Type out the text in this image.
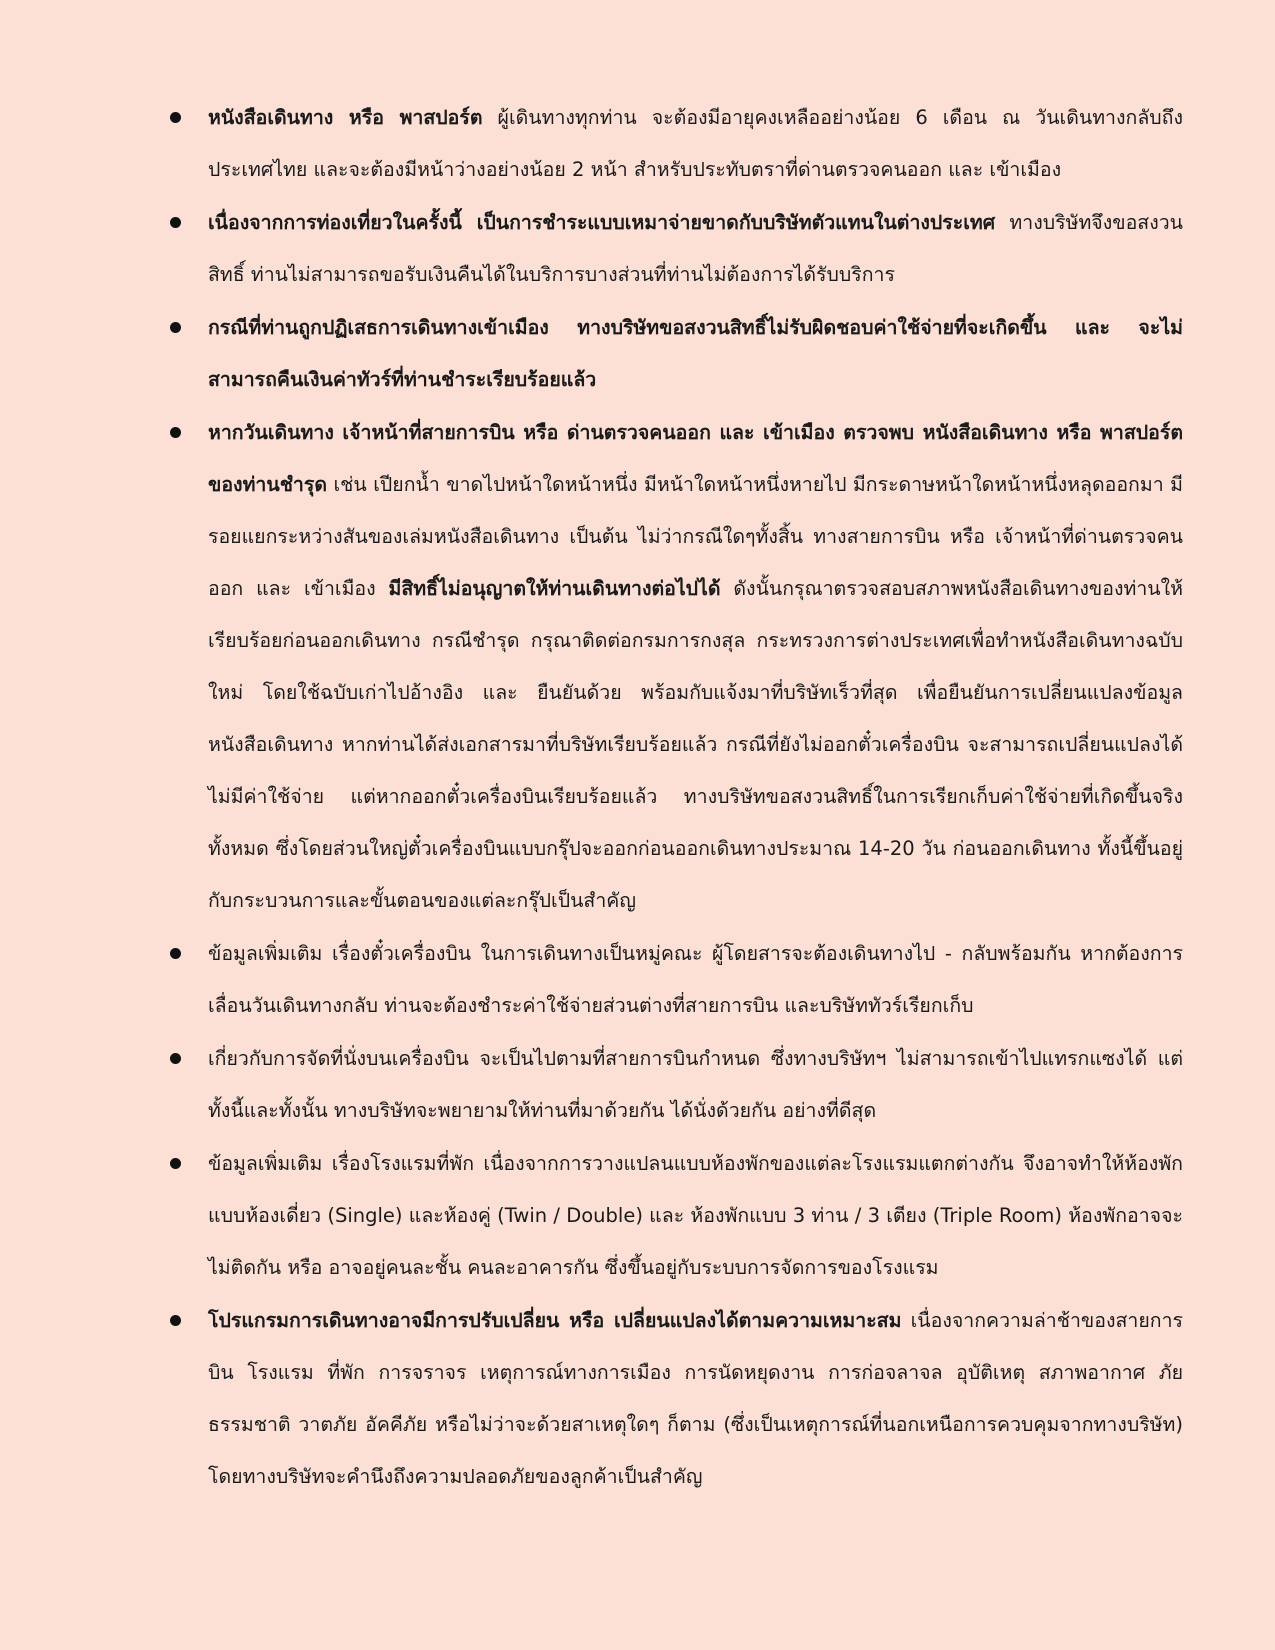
หนังสือเดินทาง หรือ พาสปอร์ต ผู้เดินทางทุกท่าน จะต้องมีอายุคงเหลืออย่างน้อย 6 เดือน ณ วันเดินทางกลับถึงประเทศไทย และจะต้องมีหน้าว่างอย่างน้อย 2 หน้า สำหรับประทับตราที่ด่านตรวจคนออก และ เข้าเมือง
เนื่องจากการท่องเที่ยวในครั้งนี้ เป็นการชำระแบบเหมาจ่ายขาดกับบริษัทตัวแทนในต่างประเทศ ทางบริษัทจึงขอสงวนสิทธิ์ ท่านไม่สามารถขอรับเงินคืนได้ในบริการบางส่วนที่ท่านไม่ต้องการได้รับบริการ
กรณีที่ท่านถูกปฏิเสธการเดินทางเข้าเมือง ทางบริษัทขอสงวนสิทธิ์ไม่รับผิดชอบค่าใช้จ่ายที่จะเกิดขึ้น และ จะไม่สามารถคืนเงินค่าทัวร์ที่ท่านชำระเรียบร้อยแล้ว
หากวันเดินทาง เจ้าหน้าที่สายการบิน หรือ ด่านตรวจคนออก และ เข้าเมือง ตรวจพบ หนังสือเดินทาง หรือ พาสปอร์ตของท่านชำรุด เช่น เปียกน้ำ ขาดไปหน้าใดหน้าหนึ่ง มีหน้าใดหน้าหนึ่งหายไป มีกระดาษหน้าใดหน้าหนึ่งหลุดออกมา มีรอยแยกระหว่างสันของเล่มหนังสือเดินทาง เป็นต้น ไม่ว่ากรณีใดๆทั้งสิ้น ทางสายการบิน หรือ เจ้าหน้าที่ด่านตรวจคนออก และ เข้าเมือง มีสิทธิ์ไม่อนุญาตให้ท่านเดินทางต่อไปได้ ดังนั้นกรุณาตรวจสอบสภาพหนังสือเดินทางของท่านให้เรียบร้อยก่อนออกเดินทาง กรณีชำรุด กรุณาติดต่อกรมการกงสุล กระทรวงการต่างประเทศเพื่อทำหนังสือเดินทางฉบับใหม่ โดยใช้ฉบับเก่าไปอ้างอิง และ ยืนยันด้วย พร้อมกับแจ้งมาที่บริษัทเร็วที่สุด เพื่อยืนยันการเปลี่ยนแปลงข้อมูลหนังสือเดินทาง หากท่านได้ส่งเอกสารมาที่บริษัทเรียบร้อยแล้ว กรณีที่ยังไม่ออกตั๋วเครื่องบิน จะสามารถเปลี่ยนแปลงได้ไม่มีค่าใช้จ่าย แต่หากออกตั๋วเครื่องบินเรียบร้อยแล้ว ทางบริษัทขอสงวนสิทธิ์ในการเรียกเก็บค่าใช้จ่ายที่เกิดขึ้นจริงทั้งหมด ซึ่งโดยส่วนใหญ่ตั๋วเครื่องบินแบบกรุ๊ปจะออกก่อนออกเดินทางประมาณ 14-20 วัน ก่อนออกเดินทาง ทั้งนี้ขึ้นอยู่กับกระบวนการและขั้นตอนของแต่ละกรุ๊ปเป็นสำคัญ
ข้อมูลเพิ่มเติม เรื่องตั๋วเครื่องบิน ในการเดินทางเป็นหมู่คณะ ผู้โดยสารจะต้องเดินทางไป - กลับพร้อมกัน หากต้องการเลื่อนวันเดินทางกลับ ท่านจะต้องชำระค่าใช้จ่ายส่วนต่างที่สายการบิน และบริษัททัวร์เรียกเก็บ
เกี่ยวกับการจัดที่นั่งบนเครื่องบิน จะเป็นไปตามที่สายการบินกำหนด ซึ่งทางบริษัทฯ ไม่สามารถเข้าไปแทรกแซงได้ แต่ทั้งนี้และทั้งนั้น ทางบริษัทจะพยายามให้ท่านที่มาด้วยกัน ได้นั่งด้วยกัน อย่างที่ดีสุด
ข้อมูลเพิ่มเติม เรื่องโรงแรมที่พัก เนื่องจากการวางแปลนแบบห้องพักของแต่ละโรงแรมแตกต่างกัน จึงอาจทำให้ห้องพักแบบห้องเดี่ยว (Single) และห้องคู่ (Twin / Double) และ ห้องพักแบบ 3 ท่าน / 3 เตียง (Triple Room) ห้องพักอาจจะไม่ติดกัน หรือ อาจอยู่คนละชั้น คนละอาคารกัน ซึ่งขึ้นอยู่กับระบบการจัดการของโรงแรม
โปรแกรมการเดินทางอาจมีการปรับเปลี่ยน หรือ เปลี่ยนแปลงได้ตามความเหมาะสม เนื่องจากความล่าช้าของสายการบิน โรงแรม ที่พัก การจราจร เหตุการณ์ทางการเมือง การนัดหยุดงาน การก่อจลาจล อุบัติเหตุ สภาพอากาศ ภัยธรรมชาติ วาตภัย อัคคีภัย หรือไม่ว่าจะด้วยสาเหตุใดๆ ก็ตาม (ซึ่งเป็นเหตุการณ์ที่นอกเหนือการควบคุมจากทางบริษัท) โดยทางบริษัทจะคำนึงถึงความปลอดภัยของลูกค้าเป็นสำคัญ
